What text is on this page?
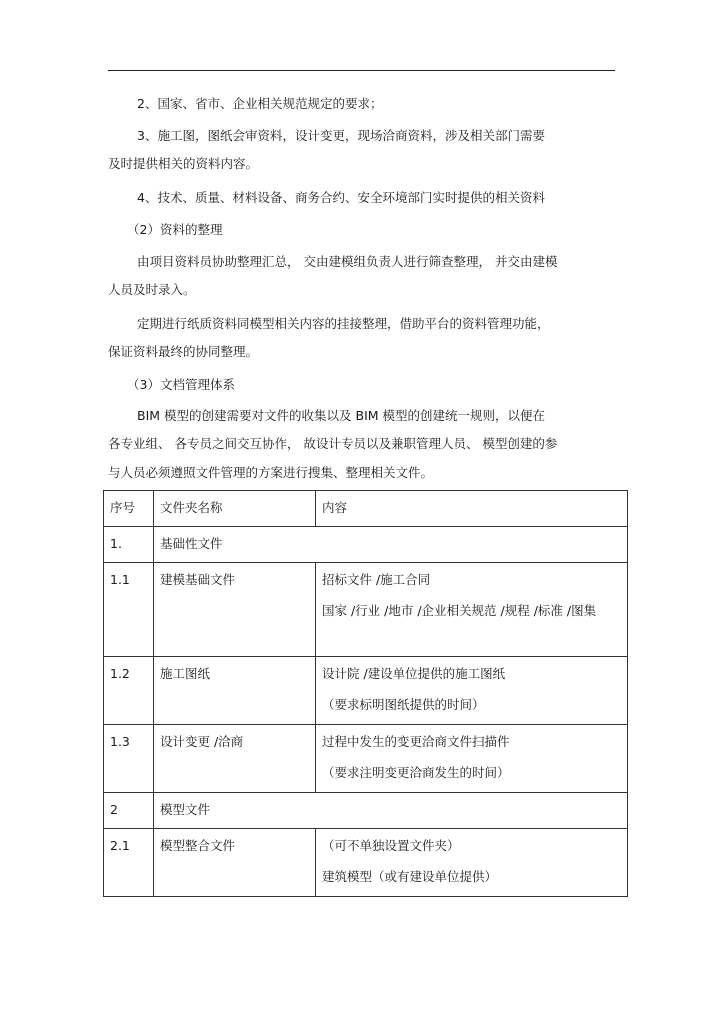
2、国家、省市、企业相关规范规定的要求；
3、施工图，图纸会审资料，设计变更，现场洽商资料，涉及相关部门需要
及时提供相关的资料内容。
4、技术、质量、材料设备、商务合约、安全环境部门实时提供的相关资料
（2）资料的整理
由项目资料员协助整理汇总， 交由建模组负责人进行筛查整理， 并交由建模
人员及时录入。
定期进行纸质资料同模型相关内容的挂接整理，借助平台的资料管理功能，
保证资料最终的协同整理。
（3）文档管理体系
BIM 模型的创建需要对文件的收集以及 BIM 模型的创建统一规则，以便在
各专业组、 各专员之间交互协作， 故设计专员以及兼职管理人员、 模型创建的参
与人员必须遵照文件管理的方案进行搜集、整理相关文件。
序号	文件夹名称	内容

1.	基础性文件	

1.1	建模基础文件	招标文件 /施工合同
国家 /行业 /地市 /企业相关规范 /规程 /标准 /图集

1.2	施工图纸	设计院 /建设单位提供的施工图纸
（要求标明图纸提供的时间）

1.3	设计变更 /洽商	过程中发生的变更洽商文件扫描件
（要求注明变更洽商发生的时间）

2	模型文件	

2.1	模型整合文件	（可不单独设置文件夹）
建筑模型（或有建设单位提供）
